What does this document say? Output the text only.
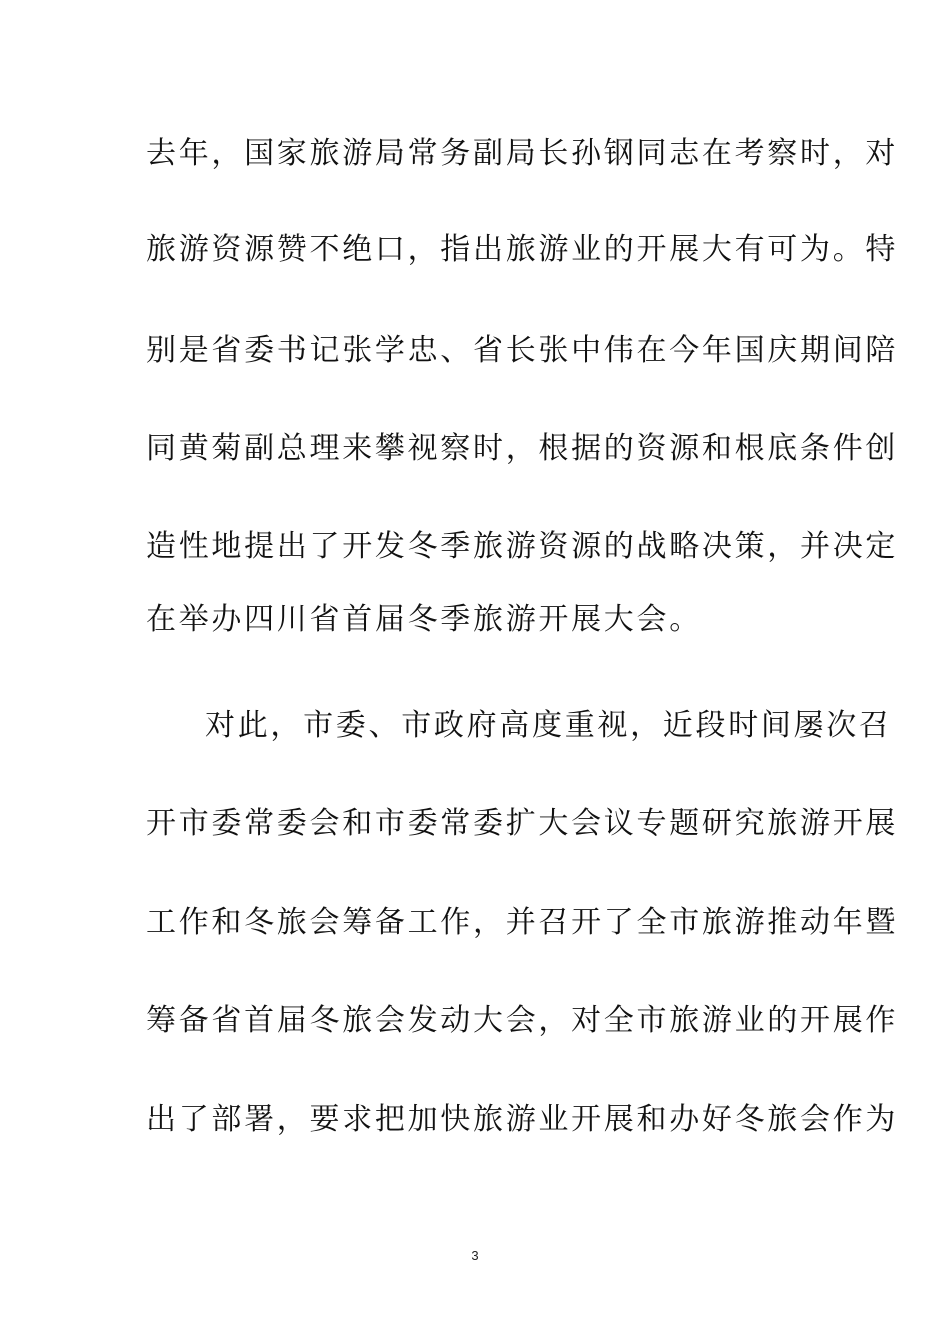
去年，国家旅游局常务副局长孙钢同志在考察时，对
旅游资源赞不绝口，指出旅游业的开展大有可为。特
别是省委书记张学忠、省长张中伟在今年国庆期间陪
同黄菊副总理来攀视察时，根据的资源和根底条件创
造性地提出了开发冬季旅游资源的战略决策，并决定
在举办四川省首届冬季旅游开展大会。
对此，市委、市政府高度重视，近段时间屡次召
开市委常委会和市委常委扩大会议专题研究旅游开展
工作和冬旅会筹备工作，并召开了全市旅游推动年暨
筹备省首届冬旅会发动大会，对全市旅游业的开展作
出了部署，要求把加快旅游业开展和办好冬旅会作为
3
